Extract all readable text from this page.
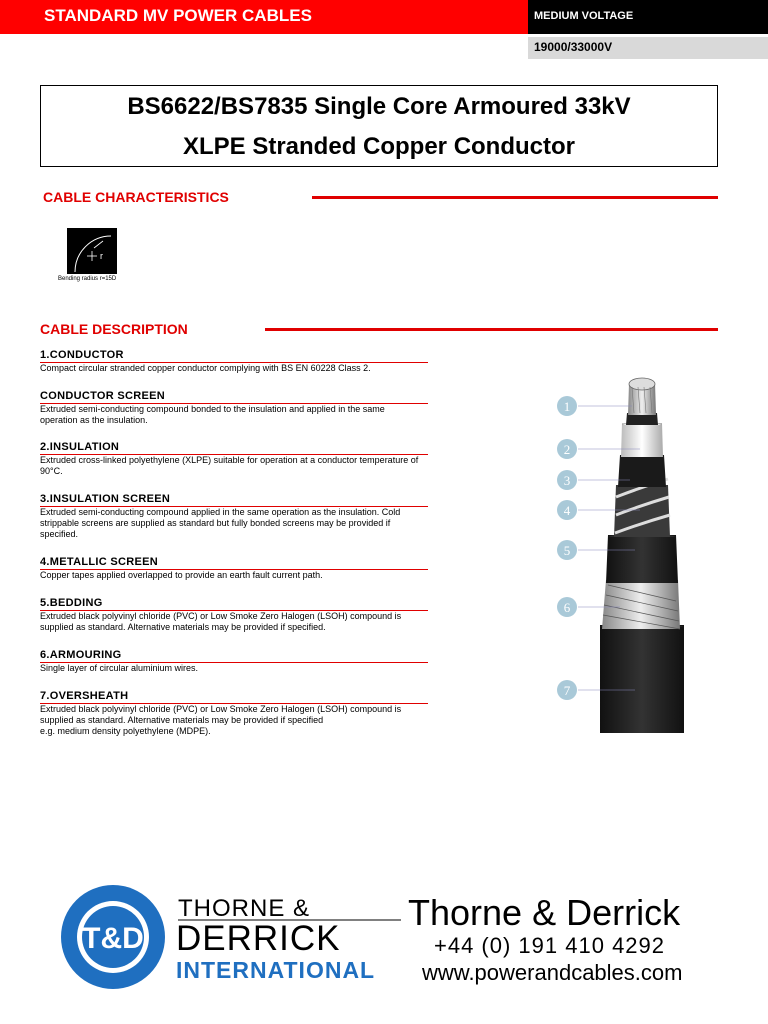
STANDARD MV POWER CABLES	MEDIUM VOLTAGE
19000/33000V
BS6622/BS7835 Single Core Armoured 33kV
XLPE Stranded Copper Conductor
CABLE CHARACTERISTICS
r
Bending radius r=15D
CABLE DESCRIPTION
1.CONDUCTOR
Compact circular stranded copper conductor complying with BS EN 60228 Class 2.
CONDUCTOR SCREEN
Extruded semi-conducting compound bonded to the insulation and applied in the same
operation as the insulation.
2.INSULATION
Extruded cross-linked polyethylene (XLPE) suitable for operation at a conductor temperature of
90°C.
3.INSULATION SCREEN
Extruded semi-conducting compound applied in the same operation as the insulation. Cold
strippable screens are supplied as standard but fully bonded screens may be provided if
specified.
4.METALLIC SCREEN
Copper tapes applied overlapped to provide an earth fault current path.
5.BEDDING
Extruded black polyvinyl chloride (PVC) or Low Smoke Zero Halogen (LSOH) compound is
supplied as standard. Alternative materials may be provided if specified.
6.ARMOURING
Single layer of circular aluminium wires.
7.OVERSHEATH
Extruded black polyvinyl chloride (PVC) or Low Smoke Zero Halogen (LSOH) compound is
supplied as standard. Alternative materials may be provided if specified
e.g. medium density polyethylene (MDPE).
1
2
3
4
5
6
7
T&D
THORNE &
DERRICK
INTERNATIONAL
Thorne & Derrick
+44 (0) 191 410 4292
www.powerandcables.com
